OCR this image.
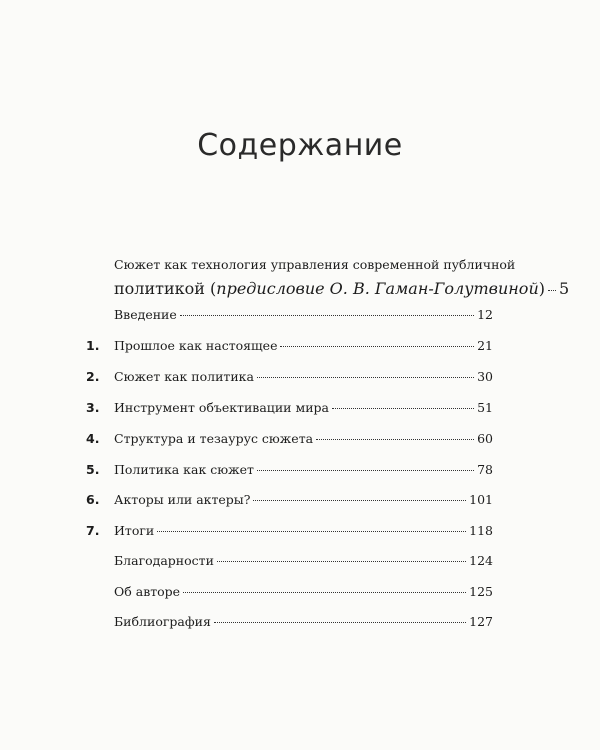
Содержание
Сюжет как технология управления современной публичной
политикой (предисловие О. В. Гаман-Голутвиной) 5
Введение	12
1. Прошлое как настоящее	21
2. Сюжет как политика	30
3. Инструмент объективации мира	51
4. Структура и тезаурус сюжета	60
5. Политика как сюжет	78
6. Акторы или актеры?	101
7. Итоги	118
Благодарности	124
Об авторе	125
Библиография	127
